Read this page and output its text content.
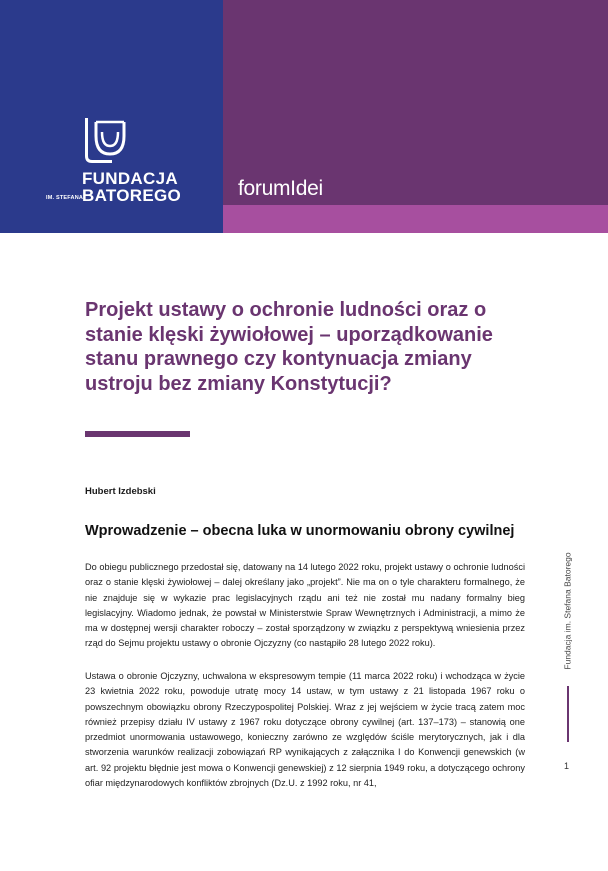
FUNDACJA
IM. STEFANA
BATOREGO	forumIdei
Projekt ustawy o ochronie ludności oraz o stanie klęski żywiołowej – uporządkowanie stanu prawnego czy kontynuacja zmiany ustroju bez zmiany Konstytucji?
Hubert Izdebski
Wprowadzenie – obecna luka w unormowaniu obrony cywilnej

Do obiegu publicznego przedostał się, datowany na 14 lutego 2022 roku, projekt ustawy o ochronie ludności oraz o stanie klęski żywiołowej – dalej określany jako „projekt”. Nie ma on o tyle charakteru formalnego, że nie znajduje się w wykazie prac legislacyjnych rządu ani też nie został mu nadany formalny bieg legislacyjny. Wiadomo jednak, że powstał w Ministerstwie Spraw Wewnętrznych i Administracji, a mimo że ma w dostępnej wersji charakter roboczy – został sporządzony w związku z perspektywą wniesienia przez rząd do Sejmu projektu ustawy o obronie Ojczyzny (co nastąpiło 28 lutego 2022 roku).

Ustawa o obronie Ojczyzny, uchwalona w ekspresowym tempie (11 marca 2022 roku) i wchodząca w życie 23 kwietnia 2022 roku, powoduje utratę mocy 14 ustaw, w tym ustawy z 21 listopada 1967 roku o powszechnym obowiązku obrony Rzeczypospolitej Polskiej. Wraz z jej wejściem w życie tracą zatem moc również przepisy działu IV ustawy z 1967 roku dotyczące obrony cywilnej (art. 137–173) – stanowią one przedmiot unormowania ustawowego, konieczny zarówno ze względów ściśle merytorycznych, jak i dla stworzenia warunków realizacji zobowiązań RP wynikających z załącznika I do Konwencji genewskich (w art. 92 projektu błędnie jest mowa o Konwencji genewskiej) z 12 sierpnia 1949 roku, a dotyczącego ochrony ofiar międzynarodowych konfliktów zbrojnych (Dz.U. z 1992 roku, nr 41,

Fundacja im. Stefana Batorego
1
